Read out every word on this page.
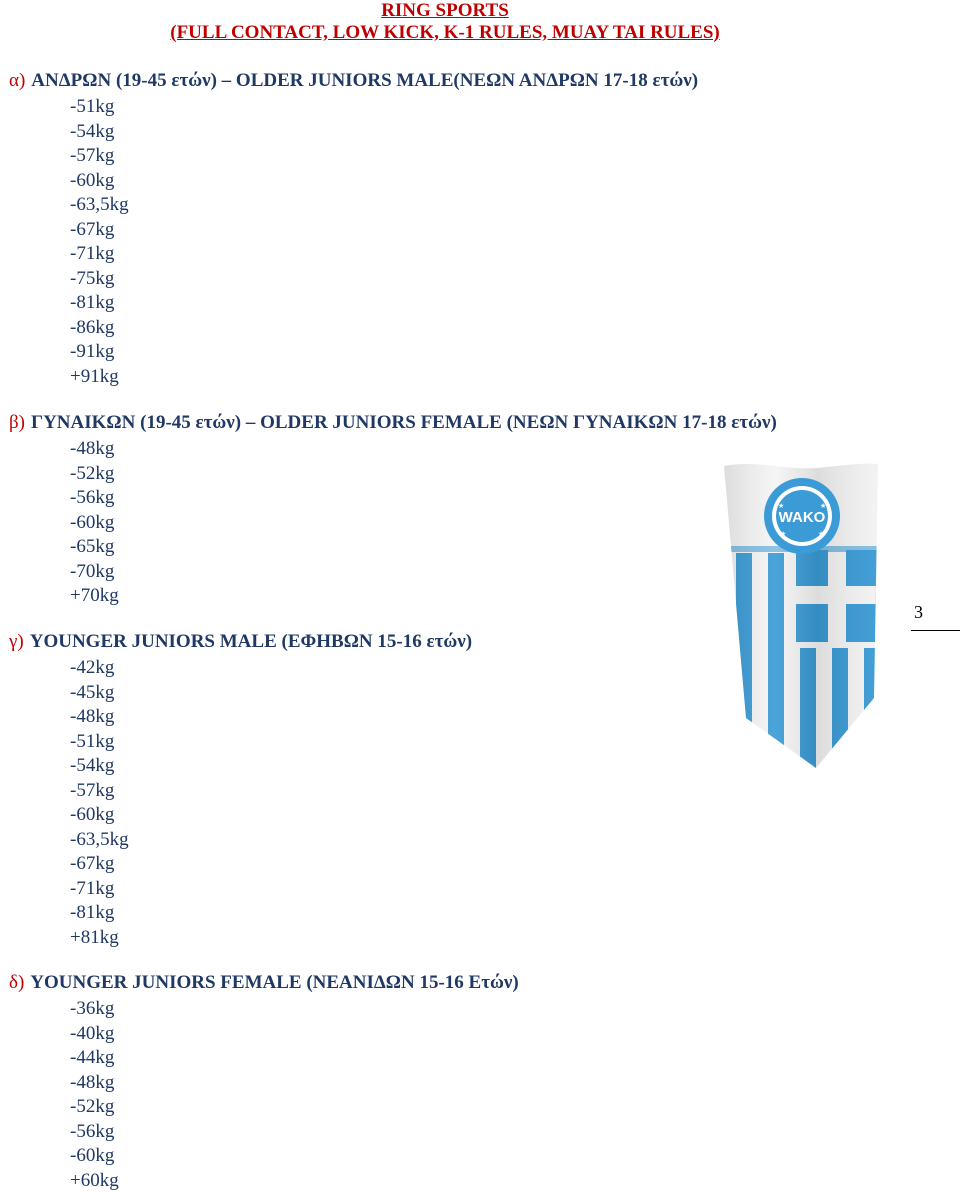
RING SPORTS
(FULL CONTACT, LOW KICK, K-1 RULES, MUAY TAI RULES)
α) ΑΝΔΡΩΝ (19-45 ετών) – OLDER JUNIORS MALE(ΝΕΩΝ ΑΝΔΡΩΝ 17-18 ετών)
-51kg
-54kg
-57kg
-60kg
-63,5kg
-67kg
-71kg
-75kg
-81kg
-86kg
-91kg
+91kg
β) ΓΥΝΑΙΚΩΝ (19-45 ετών) – OLDER JUNIORS FEMALE (ΝΕΩΝ ΓΥΝΑΙΚΩΝ 17-18 ετών)
-48kg
-52kg
-56kg
-60kg
-65kg
-70kg
+70kg
γ) YOUNGER JUNIORS MALE (ΕΦΗΒΩΝ 15-16 ετών)
-42kg
-45kg
-48kg
-51kg
-54kg
-57kg
-60kg
-63,5kg
-67kg
-71kg
-81kg
+81kg
δ) YOUNGER JUNIORS FEMALE (ΝΕΑΝΙΔΩΝ 15-16 Ετών)
-36kg
-40kg
-44kg
-48kg
-52kg
-56kg
-60kg
+60kg
3
WAKO
★	★
★	★
